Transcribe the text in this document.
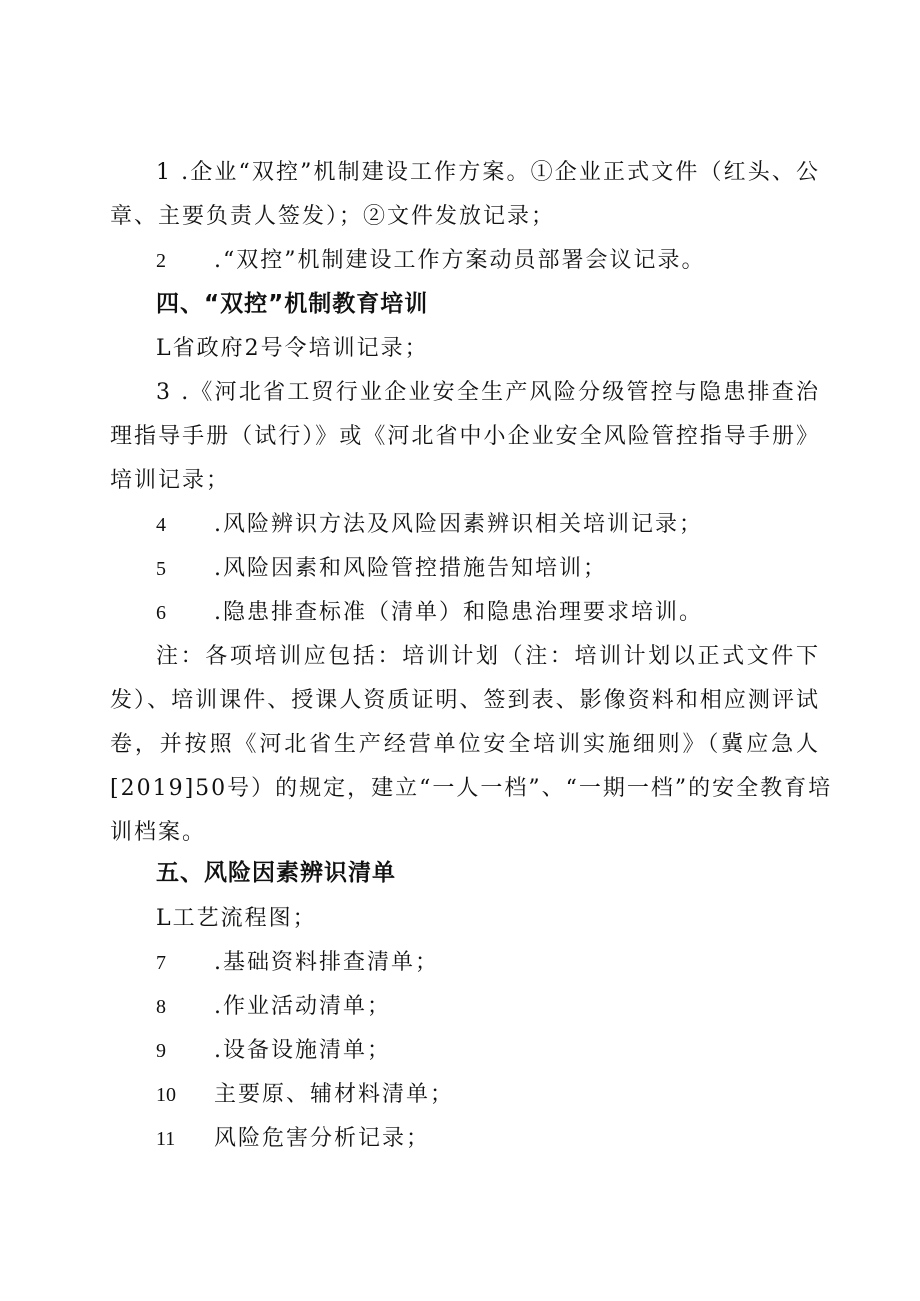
1 .企业“双控”机制建设工作方案。①企业正式文件（红头、公
章、主要负责人签发）；②文件发放记录；
2 .“双控”机制建设工作方案动员部署会议记录。
四、“双控”机制教育培训
L省政府2号令培训记录；
3 .《河北省工贸行业企业安全生产风险分级管控与隐患排查治
理指导手册（试行）》或《河北省中小企业安全风险管控指导手册》
培训记录；
4 .风险辨识方法及风险因素辨识相关培训记录；
5 .风险因素和风险管控措施告知培训；
6 .隐患排查标准（清单）和隐患治理要求培训。
注：各项培训应包括：培训计划（注：培训计划以正式文件下
发）、培训课件、授课人资质证明、签到表、影像资料和相应测评试
卷，并按照《河北省生产经营单位安全培训实施细则》（冀应急人
[2019]50号）的规定，建立“一人一档”、“一期一档”的安全教育培
训档案。
五、风险因素辨识清单
L工艺流程图；
7 .基础资料排查清单；
8 .作业活动清单；
9 .设备设施清单；
10 主要原、辅材料清单；
11 风险危害分析记录；
